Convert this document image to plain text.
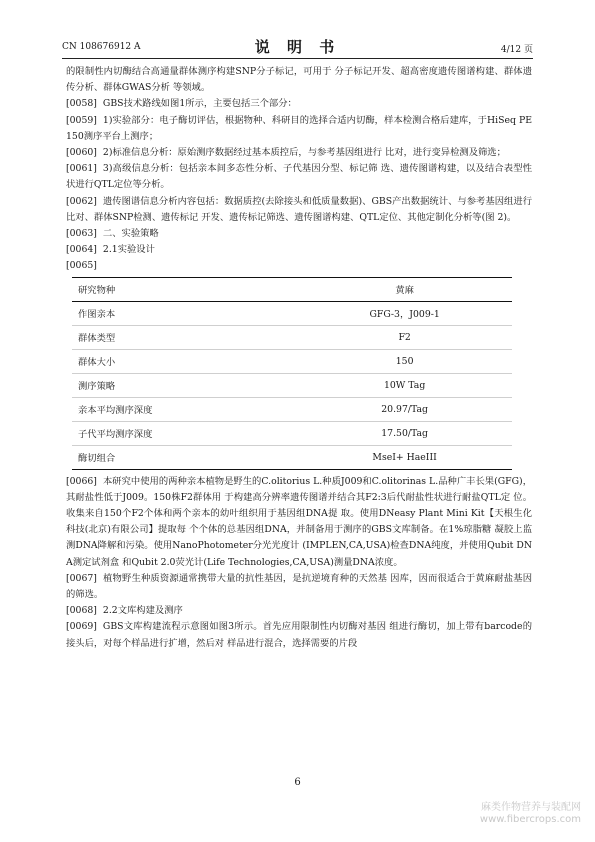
CN 108676912 A	说 明 书	4/12 页

的限制性内切酶结合高通量群体测序构建SNP分子标记，可用于 分子标记开发、超高密度遗传图谱构建、群体遗传分析、群体GWAS分析 等领域。

[0058] GBS技术路线如图1所示，主要包括三个部分：

[0059] 1)实验部分：电子酶切评估，根据物种、科研目的选择合适内切酶，样本检测合格后建库，于HiSeq PE150测序平台上测序；

[0060] 2)标准信息分析：原始测序数据经过基本质控后，与参考基因组进行 比对，进行变异检测及筛选；

[0061] 3)高级信息分析：包括亲本间多态性分析、子代基因分型、标记筛 选、遗传图谱构建，以及结合表型性状进行QTL定位等分析。

[0062] 遗传图谱信息分析内容包括：数据质控(去除接头和低质量数据)、GBS产出数据统计、与参考基因组进行比对、群体SNP检测、遗传标记 开发、遗传标记筛选、遗传图谱构建、QTL定位、其他定制化分析等(图 2)。

[0063] 二、实验策略

[0064] 2.1实验设计

[0065]

研究物种	黄麻
作图亲本	GFG-3，J009-1
群体类型	F2
群体大小	150
测序策略	10W Tag
亲本平均测序深度	20.97/Tag
子代平均测序深度	17.50/Tag
酶切组合	MseI+ HaeIII

[0066] 本研究中使用的两种亲本植物是野生的C.olitorius L.种质J009和C.olitorinas L.品种广丰长果(GFG)，其耐盐性低于J009。150株F2群体用 于构建高分辨率遗传图谱并结合其F2:3后代耐盐性状进行耐盐QTL定 位。收集来自150个F2个体和两个亲本的幼叶组织用于基因组DNA提 取。使用DNeasy Plant Mini Kit【天根生化科技(北京)有限公司】提取每 个个体的总基因组DNA，并制备用于测序的GBS文库制备。在1%琼脂糖 凝胶上监测DNA降解和污染。使用NanoPhotometer分光光度计 (IMPLEN,CA,USA)检查DNA纯度，并使用Qubit DNA测定试剂盒 和Qubit 2.0荧光计(Life Technologies,CA,USA)测量DNA浓度。

[0067] 植物野生种质资源通常携带大量的抗性基因，是抗逆境育种的天然基 因库，因而很适合于黄麻耐盐基因的筛选。

[0068] 2.2文库构建及测序

[0069] GBS文库构建流程示意图如图3所示。首先应用限制性内切酶对基因 组进行酶切，加上带有barcode的接头后，对每个样品进行扩增，然后对 样品进行混合，选择需要的片段

6
麻类作物营养与装配网
www.fibercrops.com
